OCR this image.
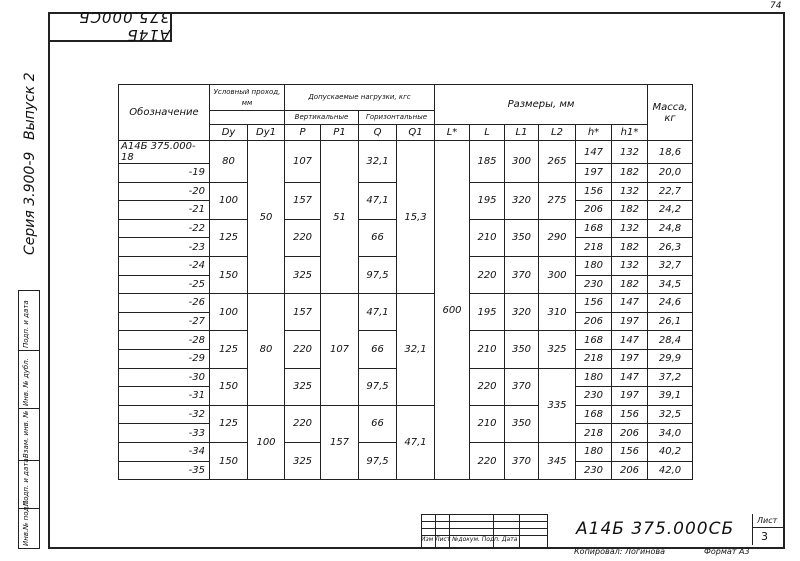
74
А14Б 375.000СБ
Выпуск 2
Серия 3.900-9
Подп. и дата
Инв. № дубл.
Взам. инв. №
Подп. и дата
Инв.№ подл.
Обозначение	Условный проход, мм		Допускаемые нагрузки, кгс				Размеры, мм						Масса, кг
			Вертикальные		Горизонтальные								
	Dу	Dу1	P	P1	Q	Q1	L*	L	L1	L2	h*	h1*	
А14Б 375.000-18	80	50	107	51	32,1	15,3	600	185	300	265	147	132	18,6
-19											197	182	20,0
-20	100		157		47,1			195	320	275	156	132	22,7
-21											206	182	24,2
-22	125		220		66			210	350	290	168	132	24,8
-23											218	182	26,3
-24	150		325		97,5			220	370	300	180	132	32,7
-25											230	182	34,5
-26	100	80	157	107	47,1	32,1		195	320	310	156	147	24,6
-27											206	197	26,1
-28	125		220		66			210	350	325	168	147	28,4
-29											218	197	29,9
-30	150		325		97,5			220	370	335	180	147	37,2
-31											230	197	39,1
-32	125	100	220	157	66	47,1		210	350		168	156	32,5
-33											218	206	34,0
-34	150		325		97,5			220	370	345	180	156	40,2
-35											230	206	42,0
Изм Лист №докум. Подп. Дата
А14Б 375.000СБ	Лист
3
Копировал: Логинова	Формат А3
